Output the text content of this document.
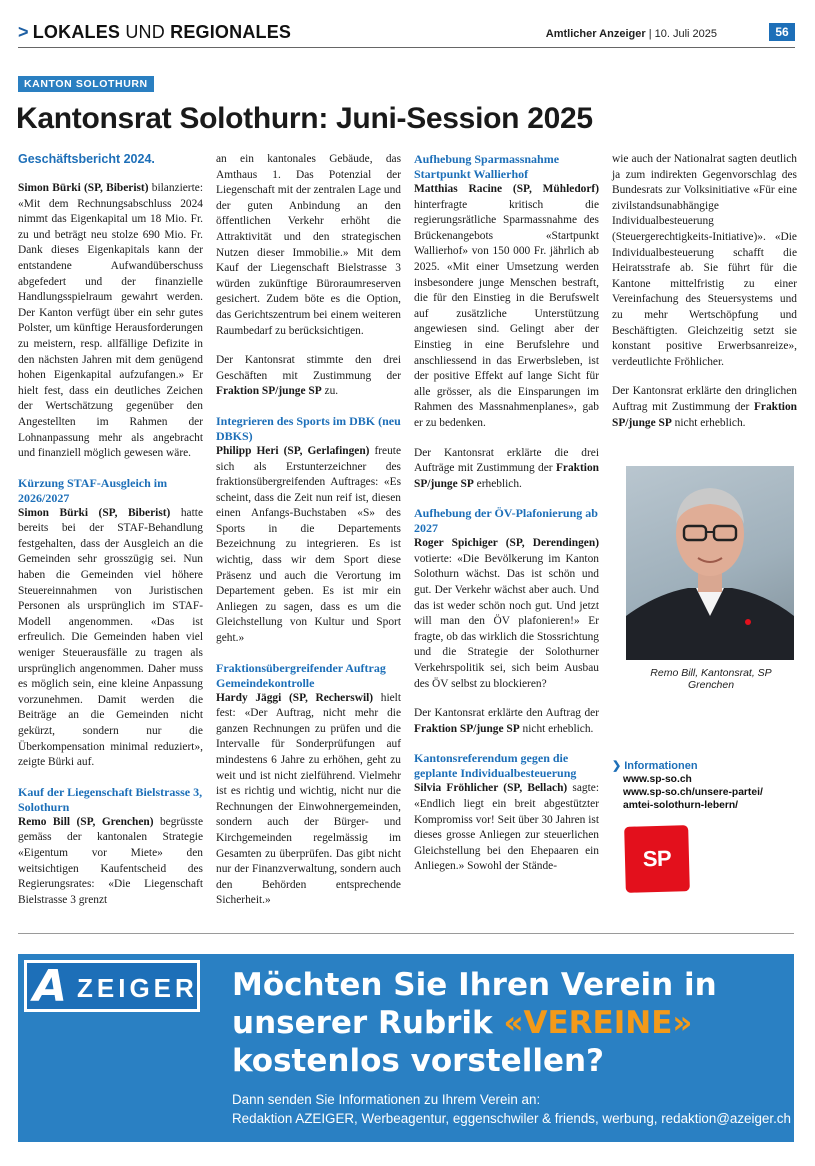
> LOKALES UND REGIONALES	Amtlicher Anzeiger | 10. Juli 2025	56
KANTON SOLOTHURN
Kantonsrat Solothurn: Juni-Session 2025
Geschäftsbericht 2024.

Simon Bürki (SP, Biberist) bilanzierte: «Mit dem Rechnungsabschluss 2024 nimmt das Eigenkapital um 18 Mio. Fr. zu und beträgt neu stolze 690 Mio. Fr. Dank dieses Eigenkapitals kann der entstandene Aufwandüberschuss abgefedert und der finanzielle Handlungsspielraum gewahrt werden. Der Kanton verfügt über ein sehr gutes Polster, um künftige Herausforderungen zu meistern, resp. allfällige Defizite in den nächsten Jahren mit dem genügend hohen Eigenkapital aufzufangen.» Er hielt fest, dass ein deutliches Zeichen der Wertschätzung gegenüber den Angestellten im Rahmen der Lohnanpassung mehr als angebracht und finanziell möglich gewesen wäre.

Kürzung STAF-Ausgleich im 2026/2027

Simon Bürki (SP, Biberist) hatte bereits bei der STAF-Behandlung festgehalten, dass der Ausgleich an die Gemeinden sehr grosszügig sei. Nun haben die Gemeinden viel höhere Steuereinnahmen von Juristischen Personen als ursprünglich im STAF-Modell angenommen. «Das ist erfreulich. Die Gemeinden haben viel weniger Steuerausfälle zu tragen als ursprünglich angenommen. Daher muss es möglich sein, eine kleine Anpassung vorzunehmen. Damit werden die Beiträge an die Gemeinden nicht gekürzt, sondern nur die Überkompensation minimal reduziert», zeigte Bürki auf.

Kauf der Liegenschaft Bielstrasse 3, Solothurn

Remo Bill (SP, Grenchen) begrüsste gemäss der kantonalen Strategie «Eigentum vor Miete» den weitsichtigen Kaufentscheid des Regierungsrates: «Die Liegenschaft Bielstrasse 3 grenzt

an ein kantonales Gebäude, das Amthaus 1. Das Potenzial der Liegenschaft mit der zentralen Lage und der guten Anbindung an den öffentlichen Verkehr erhöht die Attraktivität und den strategischen Nutzen dieser Immobilie.» Mit dem Kauf der Liegenschaft Bielstrasse 3 würden zukünftige Büroraumreserven gesichert. Zudem böte es die Option, das Gerichtszentrum bei einem weiteren Raumbedarf zu berücksichtigen.

Der Kantonsrat stimmte den drei Geschäften mit Zustimmung der Fraktion SP/junge SP zu.

Integrieren des Sports im DBK (neu DBKS)

Philipp Heri (SP, Gerlafingen) freute sich als Erstunterzeichner des fraktionsübergreifenden Auftrages: «Es scheint, dass die Zeit nun reif ist, diesen einen Anfangs-Buchstaben «S» des Sports in die Departements Bezeichnung zu integrieren. Es ist wichtig, dass wir dem Sport diese Präsenz und auch die Verortung im Departement geben. Es ist mir ein Anliegen zu sagen, dass es um die Gleichstellung von Kultur und Sport geht.»

Fraktionsübergreifender Auftrag Gemeindekontrolle

Hardy Jäggi (SP, Recherswil) hielt fest: «Der Auftrag, nicht mehr die ganzen Rechnungen zu prüfen und die Intervalle für Sonderprüfungen auf mindestens 6 Jahre zu erhöhen, geht zu weit und ist nicht zielführend. Vielmehr ist es richtig und wichtig, nicht nur die Rechnungen der Einwohnergemeinden, sondern auch der Bürger- und Kirchgemeinden regelmässig im Gesamten zu überprüfen. Das gibt nicht nur der Finanzverwaltung, sondern auch den Behörden entsprechende Sicherheit.»

Aufhebung Sparmassnahme Startpunkt Wallierhof

Matthias Racine (SP, Mühledorf) hinterfragte kritisch die regierungsrätliche Sparmassnahme des Brückenangebots «Startpunkt Wallierhof» von 150 000 Fr. jährlich ab 2025. «Mit einer Umsetzung werden insbesondere junge Menschen bestraft, die für den Einstieg in die Berufswelt auf zusätzliche Unterstützung angewiesen sind. Gelingt aber der Einstieg in eine Berufslehre und anschliessend in das Erwerbsleben, ist der positive Effekt auf lange Sicht für alle grösser, als die Einsparungen im Rahmen des Massnahmenplanes», gab er zu bedenken.

Der Kantonsrat erklärte die drei Aufträge mit Zustimmung der Fraktion SP/junge SP erheblich.

Aufhebung der ÖV-Plafonierung ab 2027

Roger Spichiger (SP, Derendingen) votierte: «Die Bevölkerung im Kanton Solothurn wächst. Das ist schön und gut. Der Verkehr wächst aber auch. Und das ist weder schön noch gut. Und jetzt will man den ÖV plafonieren!» Er fragte, ob das wirklich die Stossrichtung und die Strategie der Solothurner Verkehrspolitik sei, sich beim Ausbau des ÖV selbst zu blockieren?

Der Kantonsrat erklärte den Auftrag der Fraktion SP/junge SP nicht erheblich.

Kantonsreferendum gegen die geplante Individualbesteuerung

Silvia Fröhlicher (SP, Bellach) sagte: «Endlich liegt ein breit abgestützter Kompromiss vor! Seit über 30 Jahren ist dieses grosse Anliegen zur steuerlichen Gleichstellung bei den Ehepaaren ein Anliegen.» Sowohl der Stände-

wie auch der Nationalrat sagten deutlich ja zum indirekten Gegenvorschlag des Bundesrats zur Volksinitiative «Für eine zivilstandsunabhängige Individualbesteuerung (Steuergerechtigkeits-Initiative)». «Die Individualbesteuerung schafft die Heiratsstrafe ab. Sie führt für die Kantone mittelfristig zu einer Vereinfachung des Steuersystems und zu mehr Wertschöpfung und Beschäftigten. Gleichzeitig setzt sie konstant positive Erwerbsanreize», verdeutlichte Fröhlicher.

Der Kantonsrat erklärte den dringlichen Auftrag mit Zustimmung der Fraktion SP/junge SP nicht erheblich.

Remo Bill, Kantonsrat, SP Grenchen
❯ Informationen
www.sp-so.ch
www.sp-so.ch/unsere-partei/
amtei-solothurn-lebern/
SP
A ZEIGER Möchten Sie Ihren Verein in
unserer Rubrik «VEREINE»
kostenlos vorstellen?
Dann senden Sie Informationen zu Ihrem Verein an:
Redaktion AZEIGER, Werbeagentur, eggenschwiler & friends, werbung, redaktion@azeiger.ch
